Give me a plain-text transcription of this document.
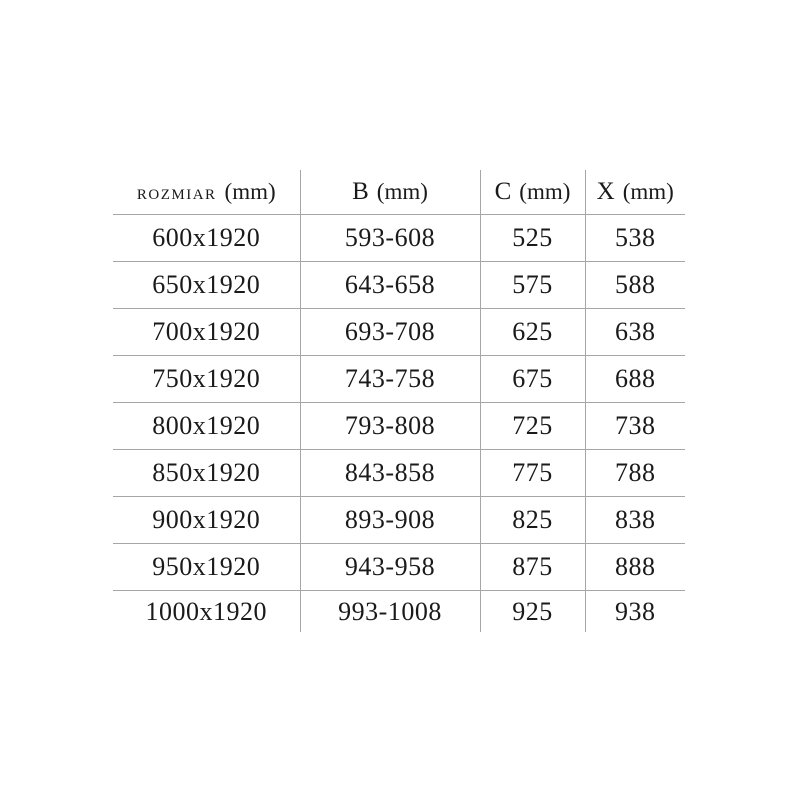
ROZMIAR (mm)	B (mm)	C (mm)	X (mm)
600x1920	593-608	525	538
650x1920	643-658	575	588
700x1920	693-708	625	638
750x1920	743-758	675	688
800x1920	793-808	725	738
850x1920	843-858	775	788
900x1920	893-908	825	838
950x1920	943-958	875	888
1000x1920	993-1008	925	938
